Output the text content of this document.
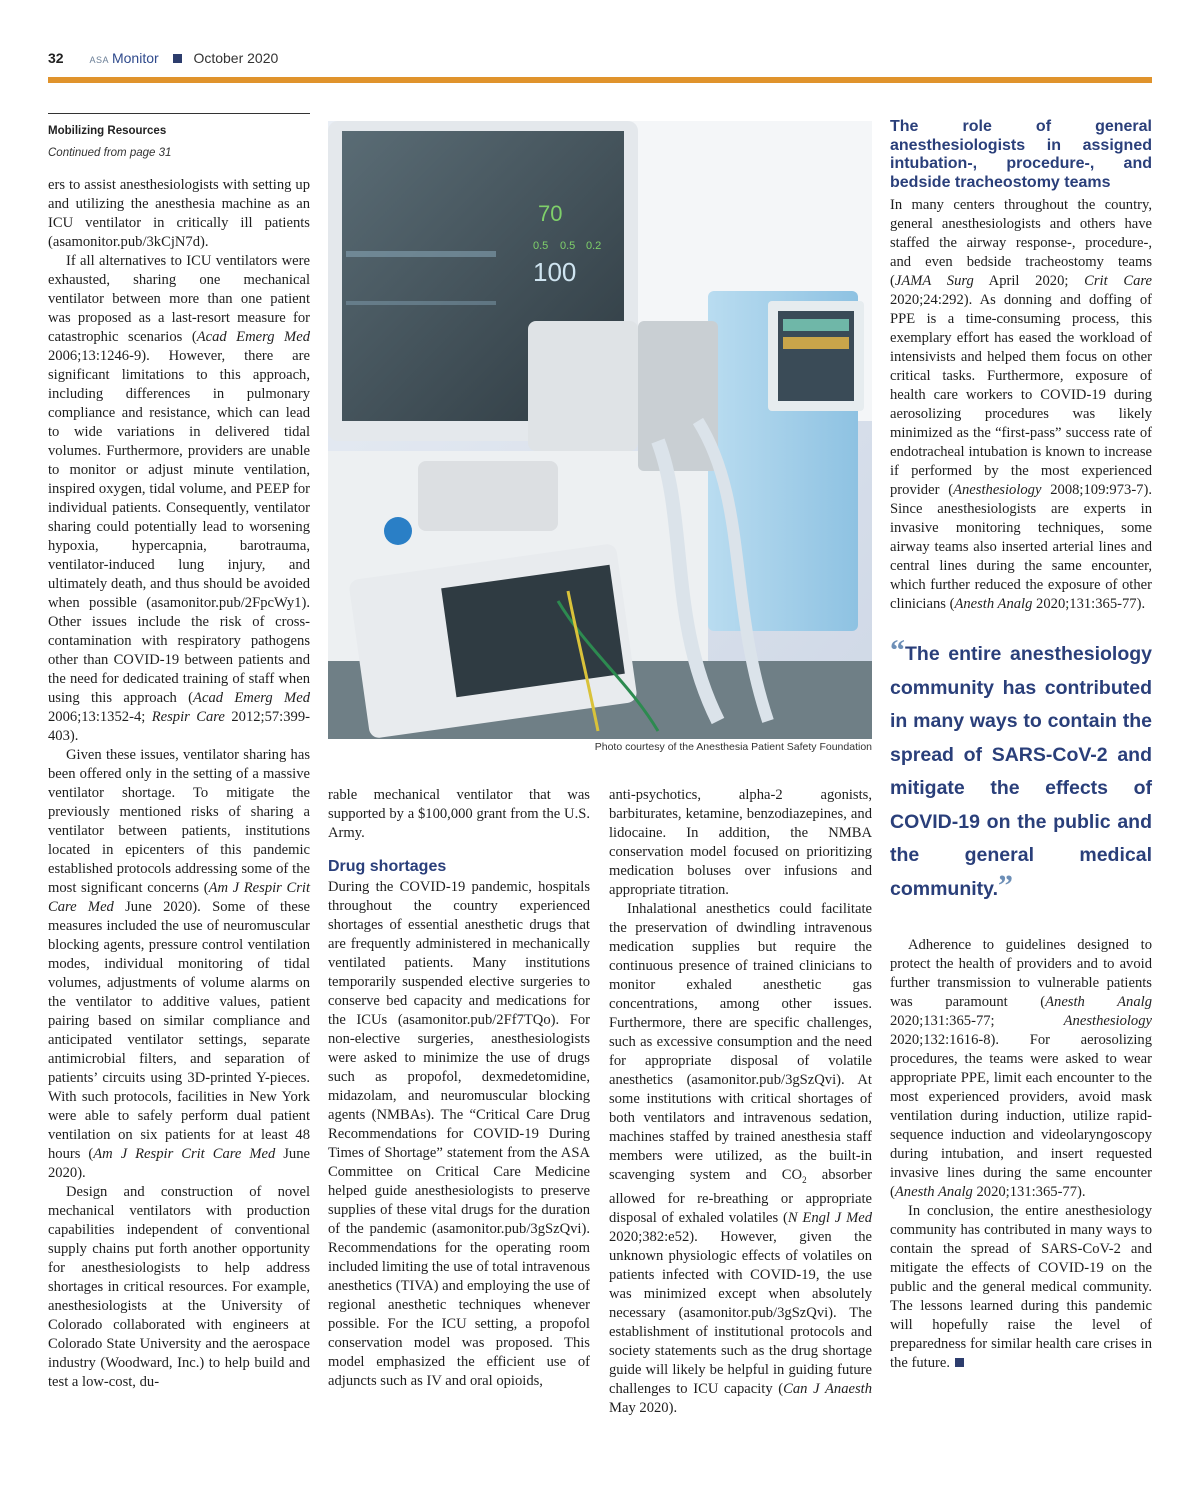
32	ASA Monitor October 2020
Mobilizing Resources
Continued from page 31

ers to assist anesthesiologists with setting up and utilizing the anesthesia machine as an ICU ventilator in critically ill patients (asamonitor.pub/3kCjN7d).

If all alternatives to ICU ventilators were exhausted, sharing one mechanical ventilator between more than one patient was proposed as a last-resort measure for catastrophic scenarios (Acad Emerg Med 2006;13:1246-9). However, there are significant limitations to this approach, including differences in pulmonary compliance and resistance, which can lead to wide variations in delivered tidal volumes. Furthermore, providers are unable to monitor or adjust minute ventilation, inspired oxygen, tidal volume, and PEEP for individual patients. Consequently, ventilator sharing could potentially lead to worsening hypoxia, hypercapnia, barotrauma, ventilator-induced lung injury, and ultimately death, and thus should be avoided when possible (asamonitor.pub/2FpcWy1). Other issues include the risk of cross-contamination with respiratory pathogens other than COVID-19 between patients and the need for dedicated training of staff when using this approach (Acad Emerg Med 2006;13:1352-4; Respir Care 2012;57:399-403).

Given these issues, ventilator sharing has been offered only in the setting of a massive ventilator shortage. To mitigate the previously mentioned risks of sharing a ventilator between patients, institutions located in epicenters of this pandemic established protocols addressing some of the most significant concerns (Am J Respir Crit Care Med June 2020). Some of these measures included the use of neuromuscular blocking agents, pressure control ventilation modes, individual monitoring of tidal volumes, adjustments of volume alarms on the ventilator to additive values, patient pairing based on similar compliance and anticipated ventilator settings, separate antimicrobial filters, and separation of patients’ circuits using 3D-printed Y-pieces. With such protocols, facilities in New York were able to safely perform dual patient ventilation on six patients for at least 48 hours (Am J Respir Crit Care Med June 2020).

Design and construction of novel mechanical ventilators with production capabilities independent of conventional supply chains put forth another opportunity for anesthesiologists to help address shortages in critical resources. For example, anesthesiologists at the University of Colorado collaborated with engineers at Colorado State University and the aerospace industry (Woodward, Inc.) to help build and test a low-cost, du-

70
100
0.5 0.5 0.2
Photo courtesy of the Anesthesia Patient Safety Foundation

rable mechanical ventilator that was supported by a $100,000 grant from the U.S. Army.

Drug shortages

During the COVID-19 pandemic, hospitals throughout the country experienced shortages of essential anesthetic drugs that are frequently administered in mechanically ventilated patients. Many institutions temporarily suspended elective surgeries to conserve bed capacity and medications for the ICUs (asamonitor.pub/2Ff7TQo). For non-elective surgeries, anesthesiologists were asked to minimize the use of drugs such as propofol, dexmedetomidine, midazolam, and neuromuscular blocking agents (NMBAs). The “Critical Care Drug Recommendations for COVID-19 During Times of Shortage” statement from the ASA Committee on Critical Care Medicine helped guide anesthesiologists to preserve supplies of these vital drugs for the duration of the pandemic (asamonitor.pub/3gSzQvi). Recommendations for the operating room included limiting the use of total intravenous anesthetics (TIVA) and employing the use of regional anesthetic techniques whenever possible. For the ICU setting, a propofol conservation model was proposed. This model emphasized the efficient use of adjuncts such as IV and oral opioids,

anti-psychotics, alpha-2 agonists, barbiturates, ketamine, benzodiazepines, and lidocaine. In addition, the NMBA conservation model focused on prioritizing medication boluses over infusions and appropriate titration.

Inhalational anesthetics could facilitate the preservation of dwindling intravenous medication supplies but require the continuous presence of trained clinicians to monitor exhaled anesthetic gas concentrations, among other issues. Furthermore, there are specific challenges, such as excessive consumption and the need for appropriate disposal of volatile anesthetics (asamonitor.pub/3gSzQvi). At some institutions with critical shortages of both ventilators and intravenous sedation, machines staffed by trained anesthesia staff members were utilized, as the built-in scavenging system and $CO_2$ absorber allowed for re-breathing or appropriate disposal of exhaled volatiles (N Engl J Med 2020;382:e52). However, given the unknown physiologic effects of volatiles on patients infected with COVID-19, the use was minimized except when absolutely necessary (asamonitor.pub/3gSzQvi). The establishment of institutional protocols and society statements such as the drug shortage guide will likely be helpful in guiding future challenges to ICU capacity (Can J Anaesth May 2020).

The role of general anesthesiologists in assigned intubation-, procedure-, and bedside tracheostomy teams

In many centers throughout the country, general anesthesiologists and others have staffed the airway response-, procedure-, and even bedside tracheostomy teams (JAMA Surg April 2020; Crit Care 2020;24:292). As donning and doffing of PPE is a time-consuming process, this exemplary effort has eased the workload of intensivists and helped them focus on other critical tasks. Furthermore, exposure of health care workers to COVID-19 during aerosolizing procedures was likely minimized as the “first-pass” success rate of endotracheal intubation is known to increase if performed by the most experienced provider (Anesthesiology 2008;109:973-7). Since anesthesiologists are experts in invasive monitoring techniques, some airway teams also inserted arterial lines and central lines during the same encounter, which further reduced the exposure of other clinicians (Anesth Analg 2020;131:365-77).

“The entire anesthesiology community has contributed in many ways to contain the spread of SARS-CoV-2 and mitigate the effects of COVID-19 on the public and the general medical community.”

Adherence to guidelines designed to protect the health of providers and to avoid further transmission to vulnerable patients was paramount (Anesth Analg 2020;131:365-77; Anesthesiology 2020;132:1616-8). For aerosolizing procedures, the teams were asked to wear appropriate PPE, limit each encounter to the most experienced providers, avoid mask ventilation during induction, utilize rapid-sequence induction and videolaryngoscopy during intubation, and insert requested invasive lines during the same encounter (Anesth Analg 2020;131:365-77).

In conclusion, the entire anesthesiology community has contributed in many ways to contain the spread of SARS-CoV-2 and mitigate the effects of COVID-19 on the public and the general medical community. The lessons learned during this pandemic will hopefully raise the level of preparedness for similar health care crises in the future.
